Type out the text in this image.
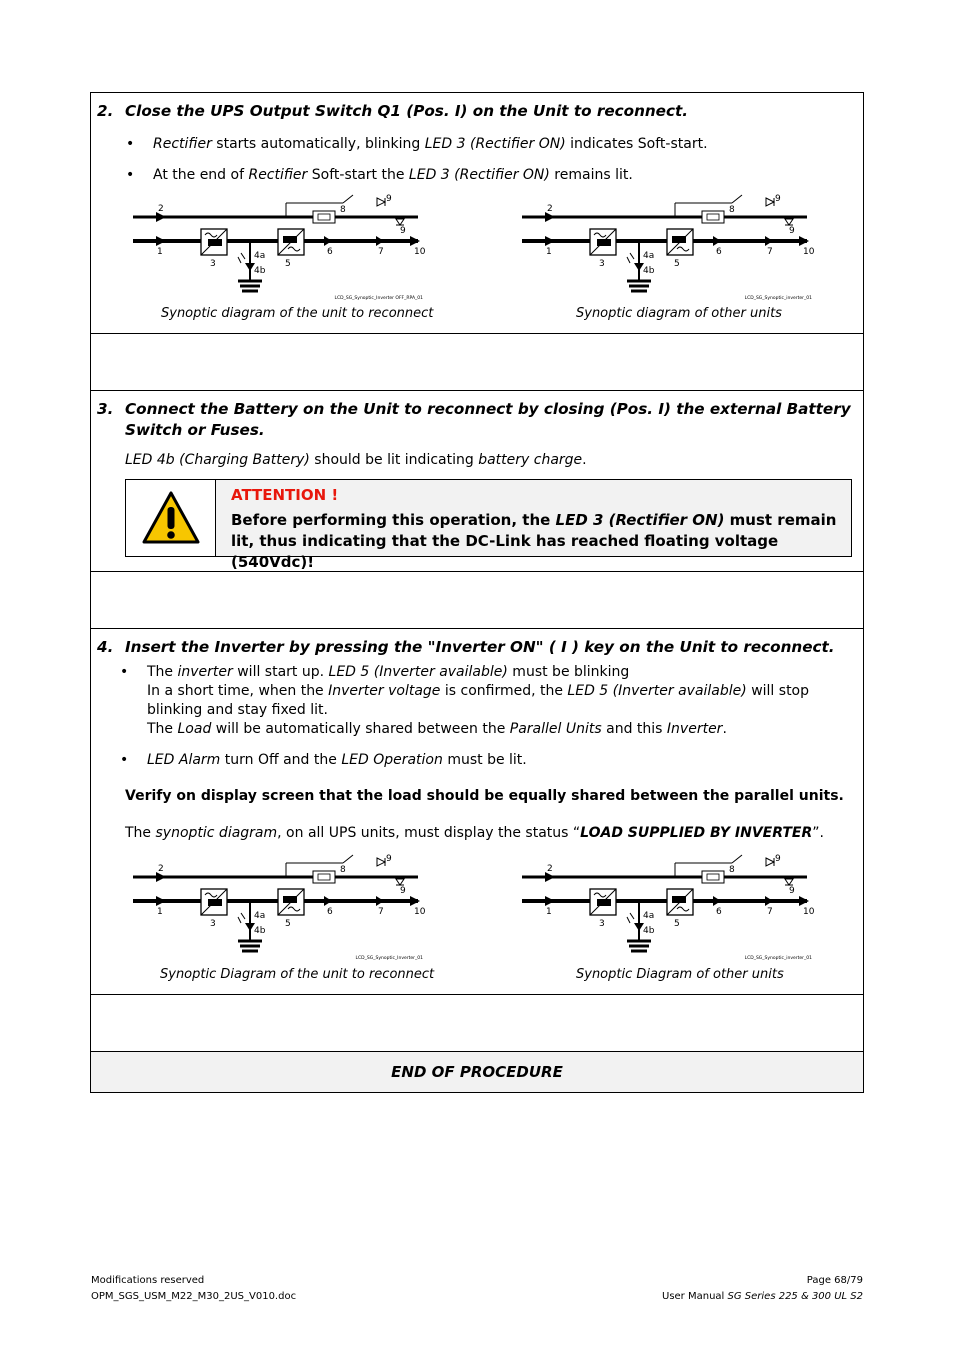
2. Close the UPS Output Switch Q1 (Pos. I) on the Unit to reconnect.

• Rectifier starts automatically, blinking LED 3 (Rectifier ON) indicates Soft-start.
• At the end of Rectifier Soft-start the LED 3 (Rectifier ON) remains lit.
2
1
3
4a
4b
5
6	7
8
9
9
10
LCD_SG_Synoptic_Inverter OFF_RPA_01
2
1
3
4a
4b
5
6	7
8
9
9
10
LCD_SG_Synoptic_inverter_01
Synoptic diagram of the unit to reconnect	Synoptic diagram of other units

3. Connect the Battery on the Unit to reconnect by closing (Pos. I) the external Battery Switch or Fuses.

LED 4b (Charging Battery) should be lit indicating battery charge.

ATTENTION !
Before performing this operation, the LED 3 (Rectifier ON) must remain lit, thus indicating that the DC-Link has reached floating voltage (540Vdc)!

4. Insert the Inverter by pressing the "Inverter ON" ( I ) key on the Unit to reconnect.

• The inverter will start up. LED 5 (Inverter available) must be blinking
In a short time, when the Inverter voltage is confirmed, the LED 5 (Inverter available) will stop blinking and stay fixed lit.
The Load will be automatically shared between the Parallel Units and this Inverter.
• LED Alarm turn Off and the LED Operation must be lit.

Verify on display screen that the load should be equally shared between the parallel units.

The synoptic diagram, on all UPS units, must display the status “LOAD SUPPLIED BY INVERTER”.

2
1
3
4a
4b
5
6	7
8
9
9
10
LCD_SG_Synoptic_Inverter_01
2
1
3
4a
4b
5
6	7
8
9
9
10
LCD_SG_Synoptic_inverter_01
Synoptic Diagram of the unit to reconnect	Synoptic Diagram of other units
END OF PROCEDURE
Modifications reserved
OPM_SGS_USM_M22_M30_2US_V010.doc
Page 68/79
User Manual SG Series 225 & 300 UL S2
